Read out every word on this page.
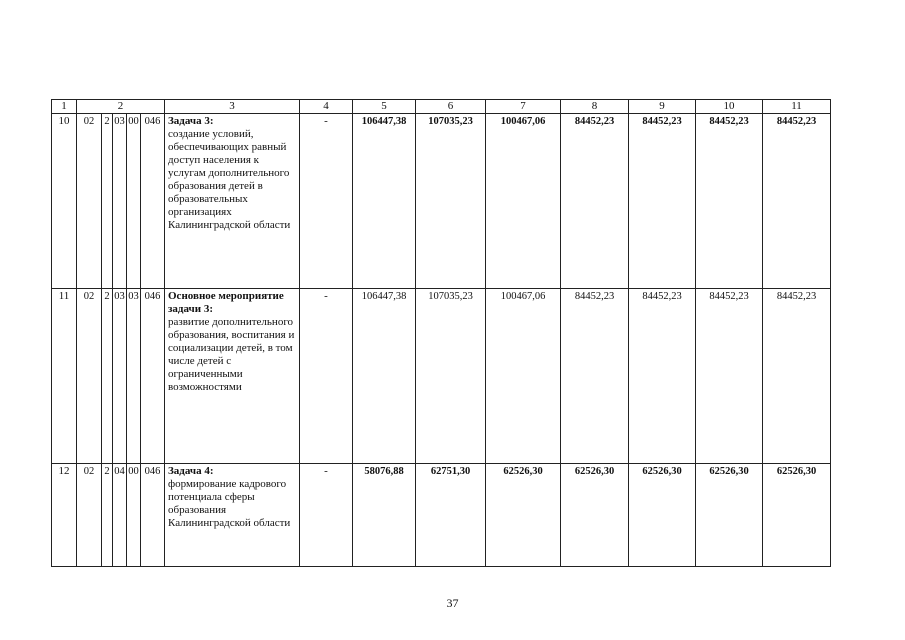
1	2					3	4	5	6	7	8	9	10	11
10	02	2	03	00	046	Задача 3:
создание условий, обеспечивающих равный доступ населения к услугам дополнительного образования детей в образовательных организациях Калининградской области	-	106447,38	107035,23	100467,06	84452,23	84452,23	84452,23	84452,23
11	02	2	03	03	046	Основное мероприятие задачи 3:
развитие дополнительного образования, воспитания и социализации детей, в том числе детей с ограниченными возможностями	-	106447,38	107035,23	100467,06	84452,23	84452,23	84452,23	84452,23
12	02	2	04	00	046	Задача 4:
формирование кадрового потенциала сферы образования Калининградской области	-	58076,88	62751,30	62526,30	62526,30	62526,30	62526,30	62526,30
37
